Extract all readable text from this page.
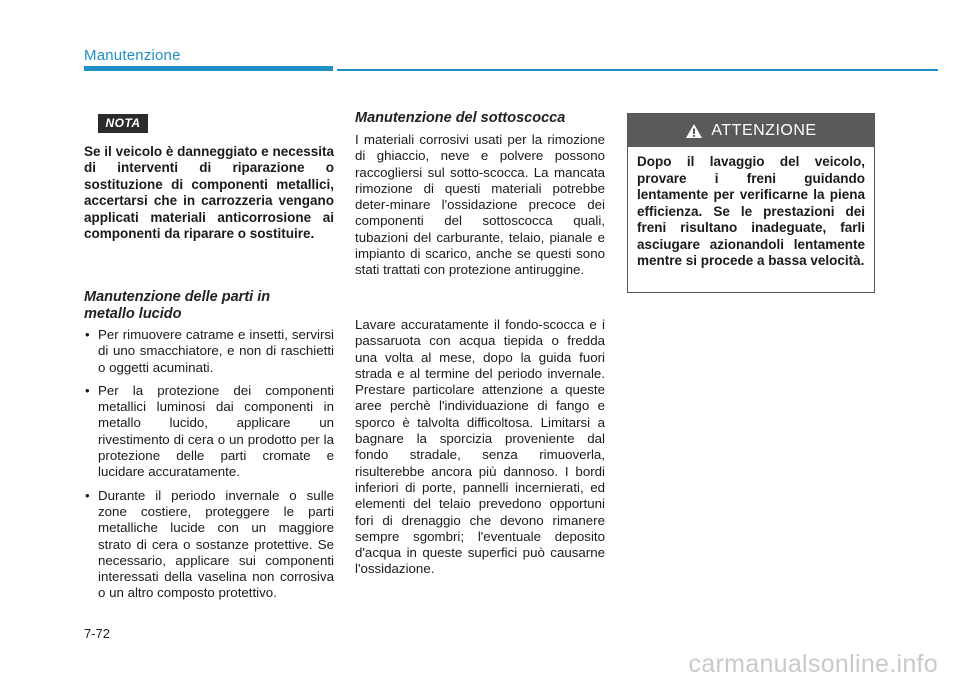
Manutenzione
NOTA
Se il veicolo è danneggiato e necessita di interventi di riparazione o sostituzione di componenti metallici, accertarsi che in carrozzeria vengano applicati materiali anticorrosione ai componenti da riparare o sostituire.
Manutenzione delle parti in
metallo lucido
• Per rimuovere catrame e insetti, servirsi di uno smacchiatore, e non di raschietti o oggetti acuminati.
• Per la protezione dei componenti metallici luminosi dai componenti in metallo lucido, applicare un rivestimento di cera o un prodotto per la protezione delle parti cromate e lucidare accuratamente.
• Durante il periodo invernale o sulle zone costiere, proteggere le parti metalliche lucide con un maggiore strato di cera o sostanze protettive. Se necessario, applicare sui componenti interessati della vaselina non corrosiva o un altro composto protettivo.
Manutenzione del sottoscocca

I materiali corrosivi usati per la rimozione di ghiaccio, neve e polvere possono raccogliersi sul sotto-scocca. La mancata rimozione di questi materiali potrebbe deter-minare l'ossidazione precoce dei componenti del sottoscocca quali, tubazioni del carburante, telaio, pianale e impianto di scarico, anche se questi sono stati trattati con protezione antiruggine.

Lavare accuratamente il fondo-scocca e i passaruota con acqua tiepida o fredda una volta al mese, dopo la guida fuori strada e al termine del periodo invernale. Prestare particolare attenzione a queste aree perchè l'individuazione di fango e sporco è talvolta difficoltosa. Limitarsi a bagnare la sporcizia proveniente dal fondo stradale, senza rimuoverla, risulterebbe ancora più dannoso. I bordi inferiori di porte, pannelli incernierati, ed elementi del telaio prevedono opportuni fori di drenaggio che devono rimanere sempre sgombri; l'eventuale deposito d'acqua in queste superfici può causarne l'ossidazione.

ATTENZIONE
Dopo il lavaggio del veicolo, provare i freni guidando lentamente per verificarne la piena efficienza. Se le prestazioni dei freni risultano inadeguate, farli asciugare azionandoli lentamente mentre si procede a bassa velocità.
7-72
carmanualsonline.info
